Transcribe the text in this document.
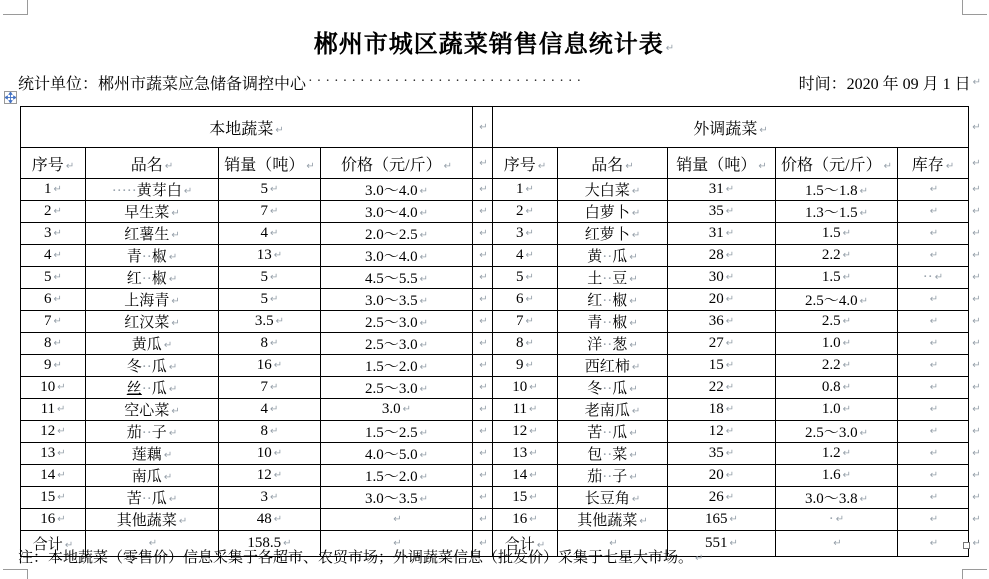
郴州市城区蔬菜销售信息统计表 ↵
统计单位：郴州市蔬菜应急储备调控中心 ································	时间：2020 年 09 月 1 日 ↵
本地蔬菜 ↵				↵	外调蔬菜 ↵					↵
序号 ↵	品名 ↵	销量（吨） ↵	价格（元/斤） ↵	↵	序号 ↵	品名 ↵	销量（吨） ↵	价格（元/斤） ↵	库存 ↵	↵
1 ↵	·····黄芽白 ↵	5 ↵	3.0～4.0 ↵	↵	1 ↵	大白菜 ↵	31 ↵	1.5～1.8 ↵	↵	↵
2 ↵	早生菜 ↵	7 ↵	3.0～4.0 ↵	↵	2 ↵	白萝卜 ↵	35 ↵	1.3～1.5 ↵	↵	↵
3 ↵	红薯生 ↵	4 ↵	2.0～2.5 ↵	↵	3 ↵	红萝卜 ↵	31 ↵	1.5 ↵	↵	↵
4 ↵	青··椒 ↵	13 ↵	3.0～4.0 ↵	↵	4 ↵	黄··瓜 ↵	28 ↵	2.2 ↵	↵	↵
5 ↵	红··椒 ↵	5 ↵	4.5～5.5 ↵	↵	5 ↵	土··豆 ↵	30 ↵	1.5 ↵	·· ↵	↵
6 ↵	上海青 ↵	5 ↵	3.0～3.5 ↵	↵	6 ↵	红··椒 ↵	20 ↵	2.5～4.0 ↵	↵	↵
7 ↵	红汉菜 ↵	3.5 ↵	2.5～3.0 ↵	↵	7 ↵	青··椒 ↵	36 ↵	2.5 ↵	↵	↵
8 ↵	黄瓜 ↵	8 ↵	2.5～3.0 ↵	↵	8 ↵	洋··葱 ↵	27 ↵	1.0 ↵	↵	↵
9 ↵	冬··瓜 ↵	16 ↵	1.5～2.0 ↵	↵	9 ↵	西红柿 ↵	15 ↵	2.2 ↵	↵	↵
10 ↵	丝··瓜 ↵	7 ↵	2.5～3.0 ↵	↵	10 ↵	冬··瓜 ↵	22 ↵	0.8 ↵	↵	↵
11 ↵	空心菜 ↵	4 ↵	3.0 ↵	↵	11 ↵	老南瓜 ↵	18 ↵	1.0 ↵	↵	↵
12 ↵	茄··子 ↵	8 ↵	1.5～2.5 ↵	↵	12 ↵	苦··瓜 ↵	12 ↵	2.5～3.0 ↵	↵	↵
13 ↵	莲藕 ↵	10 ↵	4.0～5.0 ↵	↵	13 ↵	包··菜 ↵	35 ↵	1.2 ↵	↵	↵
14 ↵	南瓜 ↵	12 ↵	1.5～2.0 ↵	↵	14 ↵	茄··子 ↵	20 ↵	1.6 ↵	↵	↵
15 ↵	苦··瓜 ↵	3 ↵	3.0～3.5 ↵	↵	15 ↵	长豆角 ↵	26 ↵	3.0～3.8 ↵	↵	↵
16 ↵	其他蔬菜 ↵	48 ↵	↵	↵	16 ↵	其他蔬菜 ↵	165 ↵	· ↵	↵	↵
合计 ↵	↵	158.5 ↵	↵	↵	合计 ↵	↵	551 ↵	↵	↵	↵
注：本地蔬菜（零售价）信息采集于各超市、农贸市场；外调蔬菜信息（批发价）采集于七星大市场。 ↵
